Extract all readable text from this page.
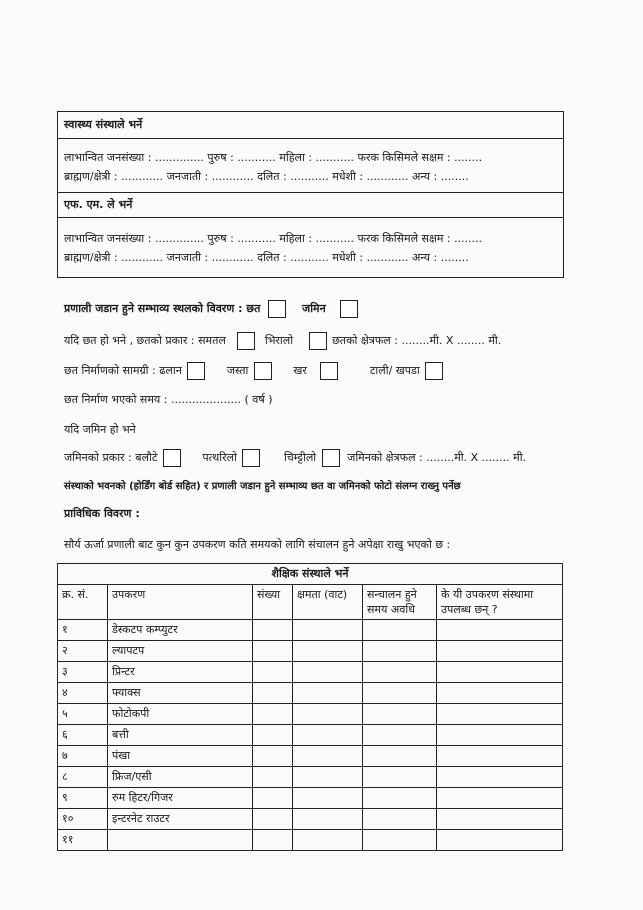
स्वास्थ्य संस्थाले भर्ने
लाभान्वित जनसंख्या : .............. पुरुष : ........... महिला : ........... फरक किसिमले सक्षम : ........
ब्राह्मण/क्षेत्री : ............ जनजाती : ............ दलित : ........... मधेशी : ............ अन्य : ........
एफ. एम. ले भर्ने
लाभान्वित जनसंख्या : .............. पुरुष : ........... महिला : ........... फरक किसिमले सक्षम : ........
ब्राह्मण/क्षेत्री : ............ जनजाती : ............ दलित : ........... मधेशी : ............ अन्य : ........
प्रणाली जडान हुने सम्भाव्य स्थलको विवरण : छत	जमिन
यदि छत हो भने , छतको प्रकार : समतल	भिरालो	छतको क्षेत्रफल : ........मी. X ........ मी.
छत निर्माणको सामग्री : ढलान	जस्ता	खर	टाली/ खपडा
छत निर्माण भएको समय : .................... ( वर्ष )
यदि जमिन हो भने
जमिनको प्रकार : बलौटे	पत्थरिलो	चिम्ट्टीलो	जमिनको क्षेत्रफल : ........मी. X ........ मी.
संस्थाको भवनको (होर्डिंग बोर्ड सहित) र प्रणाली जडान हुने सम्भाव्य छत वा जमिनको फोटो संलग्न राख्नु पर्नेछ
प्राविधिक विवरण :
सौर्य ऊर्जा प्रणाली बाट कुन कुन उपकरण कति समयको लागि संचालन हुने अपेक्षा राखु भएको छ :
शैक्षिक संस्थाले भर्ने					
क्र. सं.	उपकरण	संख्या	क्षमता (वाट)	सन्चालन हुने समय अवधि	के यी उपकरण संस्थामा उपलब्ध छन् ?
१	डेस्कटप कम्प्युटर				
२	ल्यापटप				
३	प्रिन्टर				
४	फ्याक्स				
५	फोटोकपी				
६	बत्ती				
७	पंखा				
८	फ्रिज/एसी				
९	रुम हिटर/गिजर				
१०	इन्टरनेट राउटर				
११					
